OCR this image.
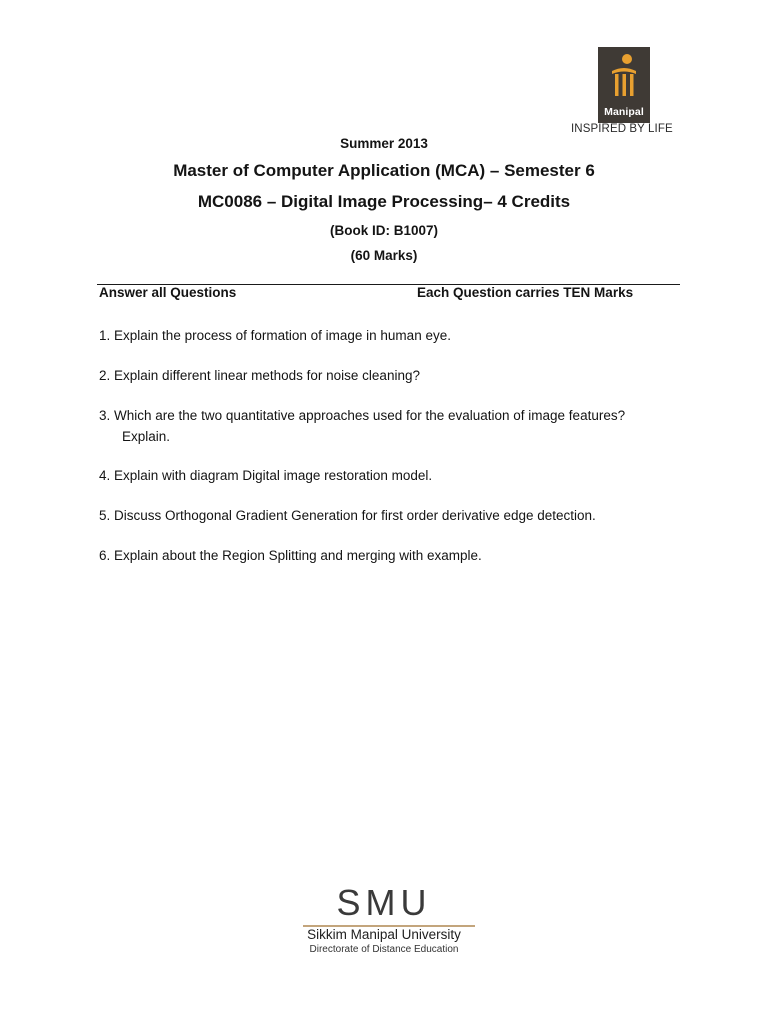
Manipal
INSPIRED BY LIFE
Summer 2013
Master of Computer Application (MCA) – Semester 6
MC0086 – Digital Image Processing– 4 Credits
(Book ID: B1007)
(60 Marks)
Answer all Questions	Each Question carries TEN Marks
1. Explain the process of formation of image in human eye.
2. Explain different linear methods for noise cleaning?
3. Which are the two quantitative approaches used for the evaluation of image features?
Explain.
4. Explain with diagram Digital image restoration model.
5. Discuss Orthogonal Gradient Generation for first order derivative edge detection.
6. Explain about the Region Splitting and merging with example.
SMU
Sikkim Manipal University
Directorate of Distance Education
